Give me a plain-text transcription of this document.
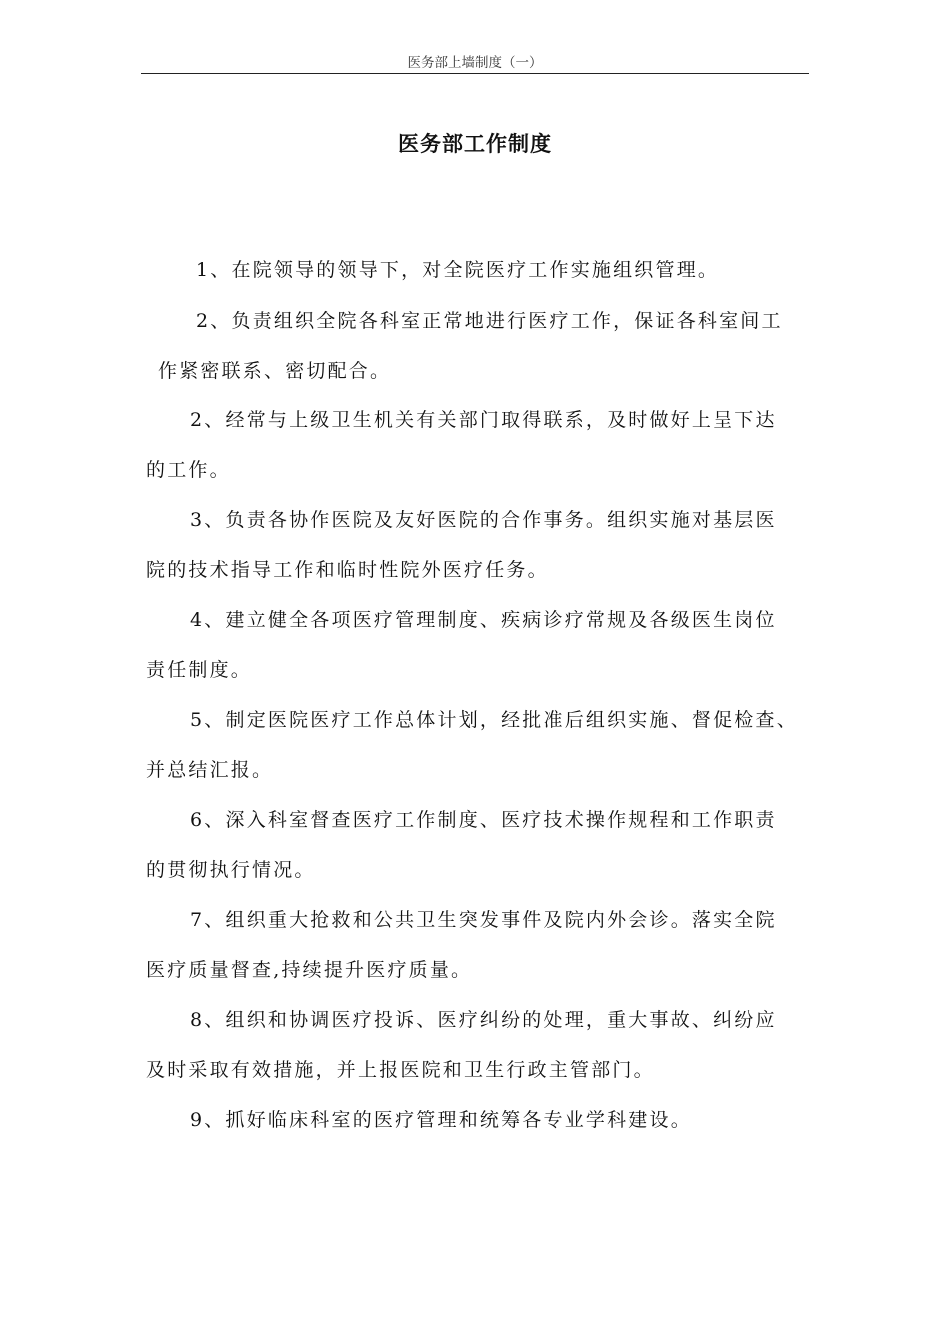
医务部上墙制度（一）
医务部工作制度

1、在院领导的领导下，对全院医疗工作实施组织管理。

2、负责组织全院各科室正常地进行医疗工作，保证各科室间工
作紧密联系、密切配合。

2、经常与上级卫生机关有关部门取得联系，及时做好上呈下达
的工作。

3、负责各协作医院及友好医院的合作事务。组织实施对基层医
院的技术指导工作和临时性院外医疗任务。

4、建立健全各项医疗管理制度、疾病诊疗常规及各级医生岗位
责任制度。

5、制定医院医疗工作总体计划，经批准后组织实施、督促检查、
并总结汇报。

6、深入科室督查医疗工作制度、医疗技术操作规程和工作职责
的贯彻执行情况。

7、组织重大抢救和公共卫生突发事件及院内外会诊。落实全院
医疗质量督查,持续提升医疗质量。

8、组织和协调医疗投诉、医疗纠纷的处理，重大事故、纠纷应
及时采取有效措施，并上报医院和卫生行政主管部门。

9、抓好临床科室的医疗管理和统筹各专业学科建设。
